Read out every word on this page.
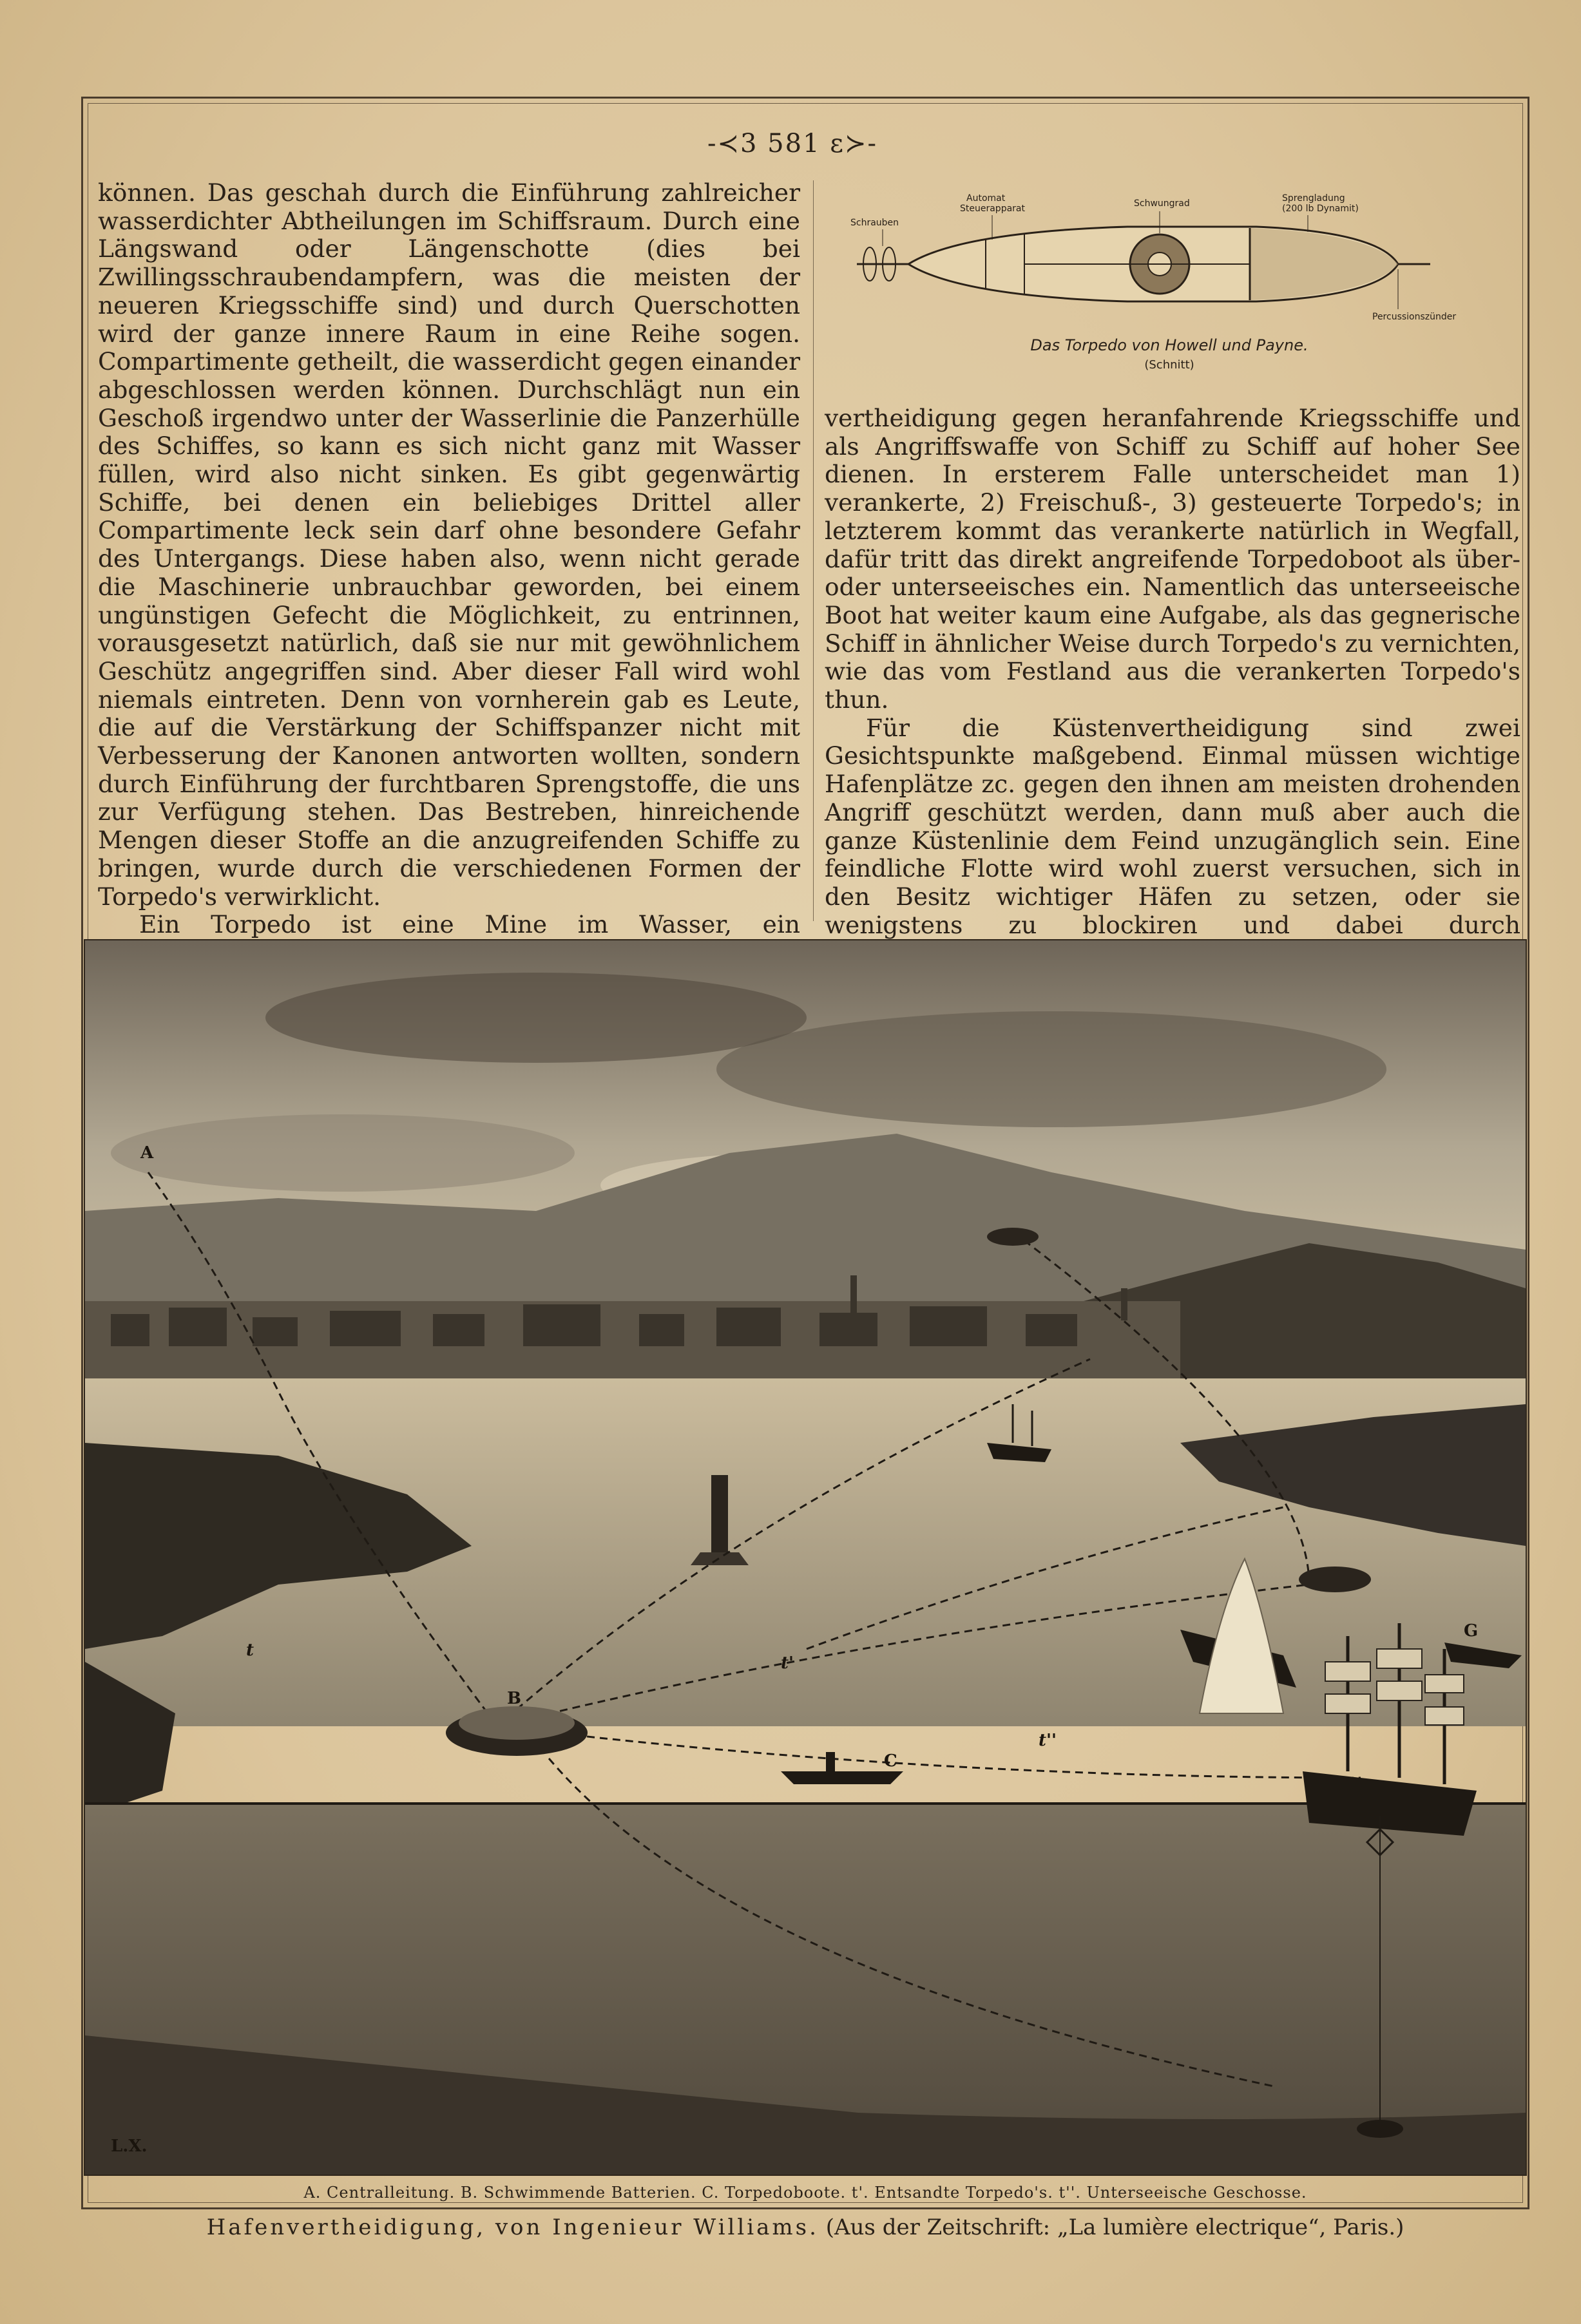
-≺3 581 ε≻-

können. Das geschah durch die Einführung zahlreicher wasserdichter Abtheilungen im Schiffsraum. Durch eine Längswand oder Längenschotte (dies bei Zwillingsschraubendampfern, was die meisten der neueren Kriegsschiffe sind) und durch Querschotten wird der ganze innere Raum in eine Reihe sogen. Compartimente getheilt, die wasserdicht gegen einander abgeschlossen werden können. Durchschlägt nun ein Geschoß irgendwo unter der Wasserlinie die Panzerhülle des Schiffes, so kann es sich nicht ganz mit Wasser füllen, wird also nicht sinken. Es gibt gegenwärtig Schiffe, bei denen ein beliebiges Drittel aller Compartimente leck sein darf ohne besondere Gefahr des Untergangs. Diese haben also, wenn nicht gerade die Maschinerie unbrauchbar geworden, bei einem ungünstigen Gefecht die Möglichkeit, zu entrinnen, vorausgesetzt natürlich, daß sie nur mit gewöhnlichem Geschütz angegriffen sind. Aber dieser Fall wird wohl niemals eintreten. Denn von vornherein gab es Leute, die auf die Verstärkung der Schiffspanzer nicht mit Verbesserung der Kanonen antworten wollten, sondern durch Einführung der furchtbaren Sprengstoffe, die uns zur Verfügung stehen. Das Bestreben, hinreichende Mengen dieser Stoffe an die anzugreifenden Schiffe zu bringen, wurde durch die verschiedenen Formen der Torpedo's verwirklicht.

Ein Torpedo ist eine Mine im Wasser, ein

Schrauben
Automat
Steuerapparat	Schwungrad	Sprengladung
(200 lb Dynamit)
Percussionszünder
Das Torpedo von Howell und Payne.
(Schnitt)

vertheidigung gegen heranfahrende Kriegsschiffe und als Angriffswaffe von Schiff zu Schiff auf hoher See dienen. In ersterem Falle unterscheidet man 1) verankerte, 2) Freischuß-, 3) gesteuerte Torpedo's; in letzterem kommt das verankerte natürlich in Wegfall, dafür tritt das direkt angreifende Torpedoboot als über- oder unterseeisches ein. Namentlich das unterseeische Boot hat weiter kaum eine Aufgabe, als das gegnerische Schiff in ähnlicher Weise durch Torpedo's zu vernichten, wie das vom Festland aus die verankerten Torpedo's thun.

Für die Küstenvertheidigung sind zwei Gesichtspunkte maßgebend. Einmal müssen wichtige Hafenplätze zc. gegen den ihnen am meisten drohenden Angriff geschützt werden, dann muß aber auch die ganze Küstenlinie dem Feind unzugänglich sein. Eine feindliche Flotte wird wohl zuerst versuchen, sich in den Besitz wichtiger Häfen zu setzen, oder sie wenigstens zu blockiren und dabei durch

A
B
C
G
t
t'
t''
L.X.
A. Centralleitung. B. Schwimmende Batterien. C. Torpedoboote. t'. Entsandte Torpedo's. t''. Unterseeische Geschosse.
Hafenvertheidigung, von Ingenieur Williams. (Aus der Zeitschrift: „La lumière electrique“, Paris.)
